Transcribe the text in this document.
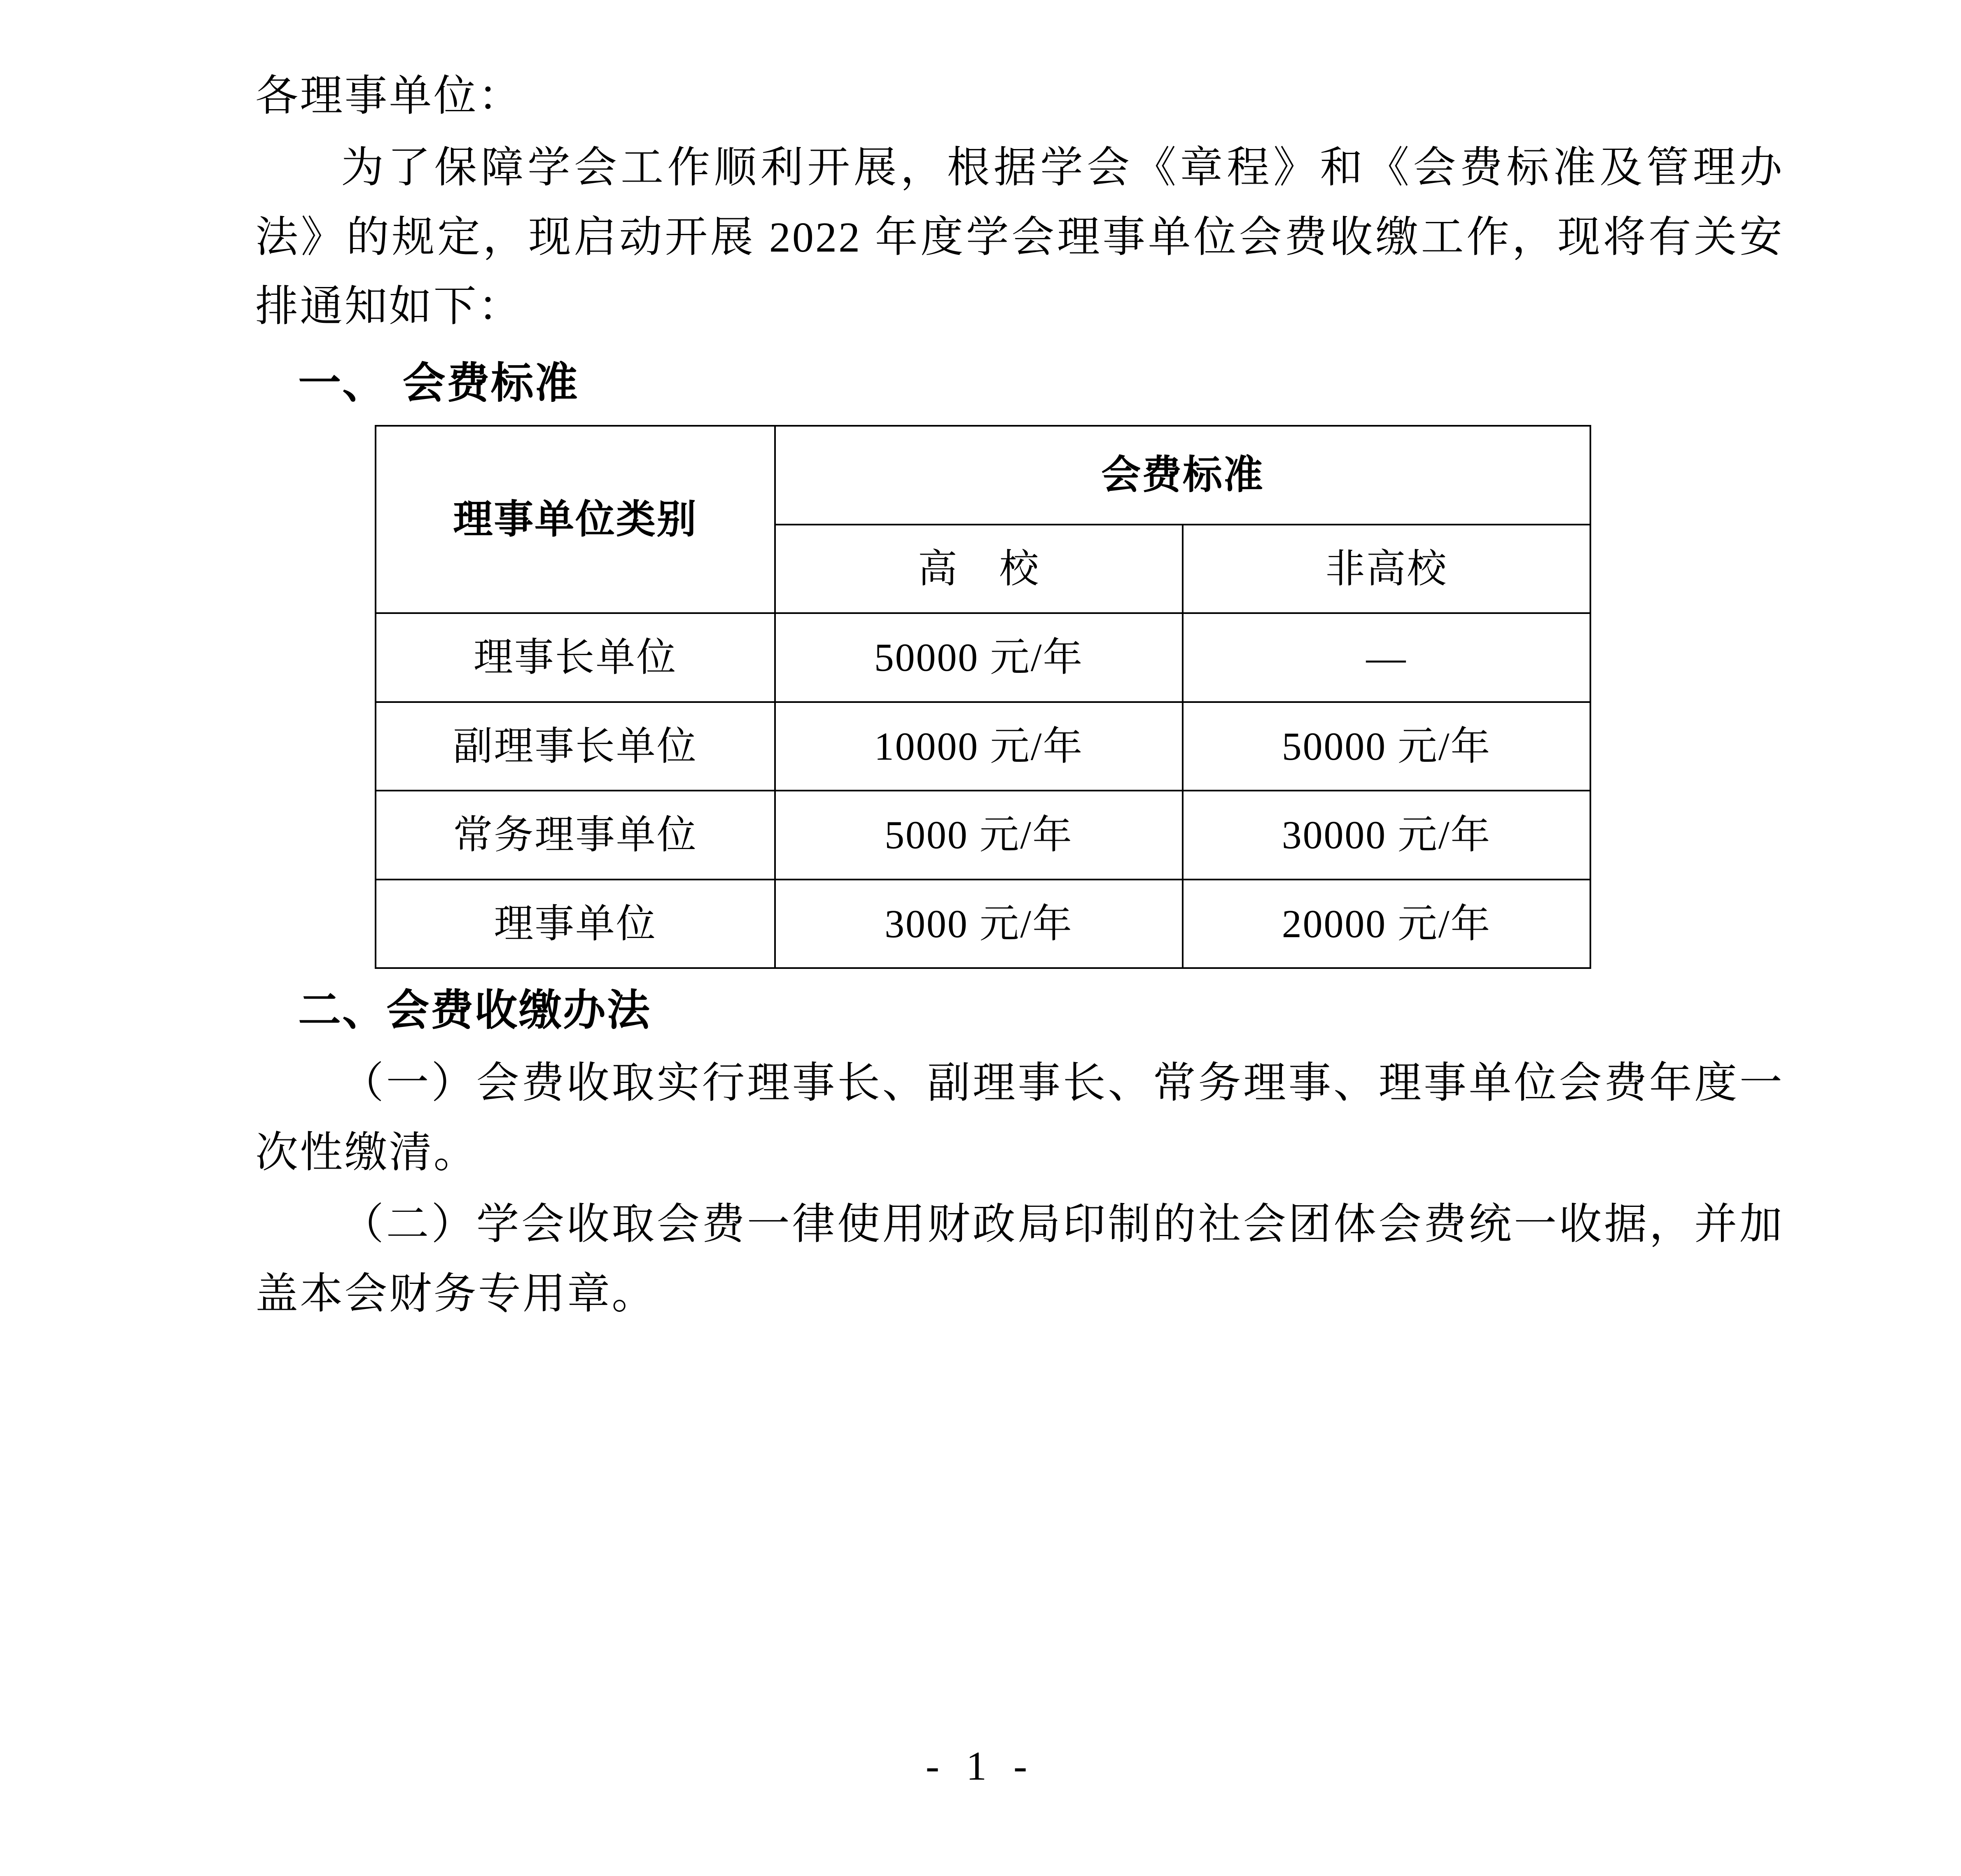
各理事单位：

为了保障学会工作顺利开展，根据学会《章程》和《会费标准及管理办法》的规定，现启动开展 2022 年度学会理事单位会费收缴工作，现将有关安排通知如下：

一、 会费标准
理事单位类别	会费标准	
	高　校	非高校
理事长单位	50000 元/年	—
副理事长单位	10000 元/年	50000 元/年
常务理事单位	5000 元/年	30000 元/年
理事单位	3000 元/年	20000 元/年
二、会费收缴办法

（一）会费收取实行理事长、副理事长、常务理事、理事单位会费年度一次性缴清。

（二）学会收取会费一律使用财政局印制的社会团体会费统一收据，并加盖本会财务专用章。

- 1 -
